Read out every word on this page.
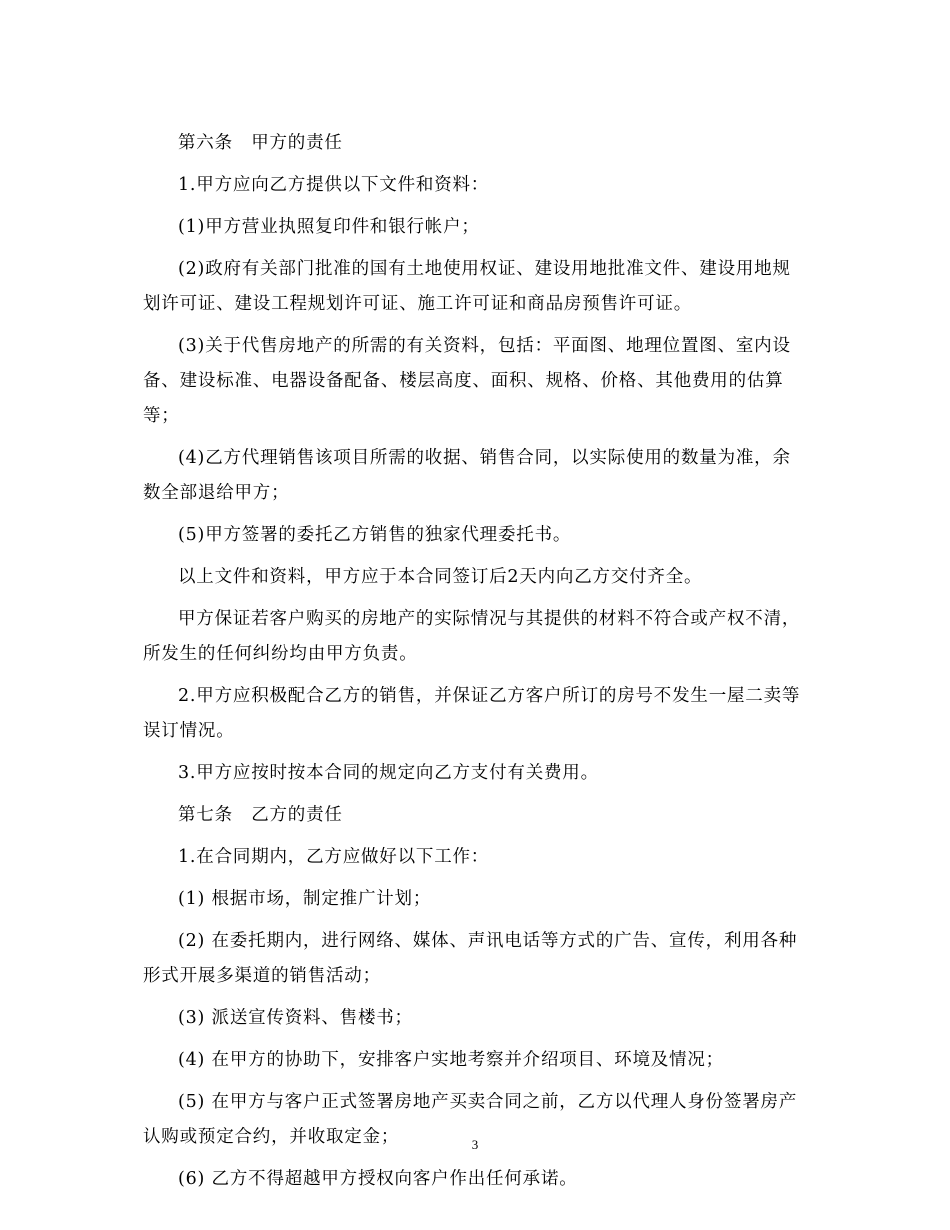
第六条　甲方的责任

1.甲方应向乙方提供以下文件和资料：

(1)甲方营业执照复印件和银行帐户；

(2)政府有关部门批准的国有土地使用权证、建设用地批准文件、建设用地规划许可证、建设工程规划许可证、施工许可证和商品房预售许可证。

(3)关于代售房地产的所需的有关资料，包括：平面图、地理位置图、室内设备、建设标准、电器设备配备、楼层高度、面积、规格、价格、其他费用的估算等；

(4)乙方代理销售该项目所需的收据、销售合同，以实际使用的数量为准，余数全部退给甲方；

(5)甲方签署的委托乙方销售的独家代理委托书。

以上文件和资料，甲方应于本合同签订后2天内向乙方交付齐全。

甲方保证若客户购买的房地产的实际情况与其提供的材料不符合或产权不清，所发生的任何纠纷均由甲方负责。

2.甲方应积极配合乙方的销售，并保证乙方客户所订的房号不发生一屋二卖等误订情况。

3.甲方应按时按本合同的规定向乙方支付有关费用。

第七条　乙方的责任

1.在合同期内，乙方应做好以下工作：

(1) 根据市场，制定推广计划；

(2) 在委托期内，进行网络、媒体、声讯电话等方式的广告、宣传，利用各种形式开展多渠道的销售活动；

(3) 派送宣传资料、售楼书；

(4) 在甲方的协助下，安排客户实地考察并介绍项目、环境及情况；

(5) 在甲方与客户正式签署房地产买卖合同之前，乙方以代理人身份签署房产认购或预定合约，并收取定金；

(6) 乙方不得超越甲方授权向客户作出任何承诺。

3
